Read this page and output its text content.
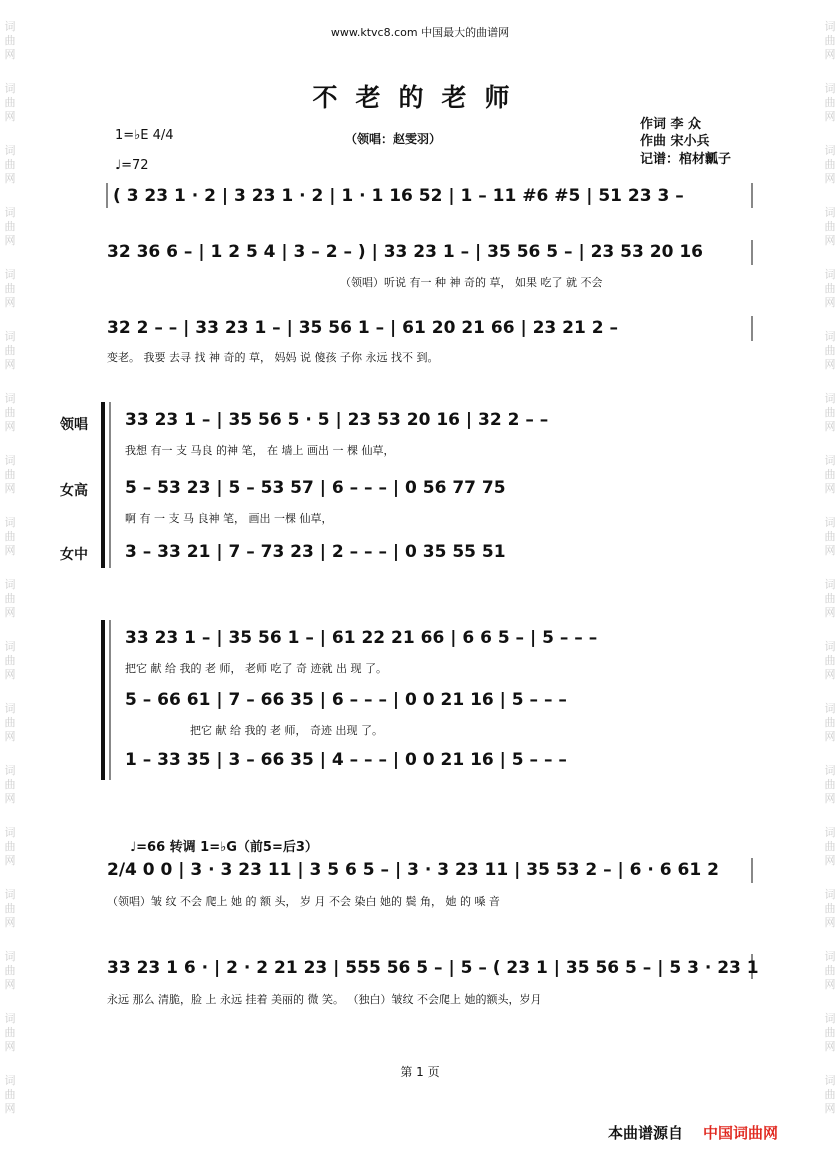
词
曲
网
词
曲
网
词
曲
网
词
曲
网
词
曲
网
词
曲
网
词
曲
网
词
曲
网
词
曲
网
词
曲
网
词
曲
网
词
曲
网
词
曲
网
词
曲
网
词
曲
网
词
曲
网
词
曲
网
词
曲
网
词
曲
网
词
曲
网
词
曲
网
词
曲
网
词
曲
网
词
曲
网
词
曲
网
词
曲
网
词
曲
网
词
曲
网
词
曲
网
词
曲
网
词
曲
网
词
曲
网
词
曲
网
词
曲
网
词
曲
网
词
曲
网
www.ktvc8.com 中国最大的曲谱网
不老的老师
（领唱：赵雯羽）
作词 李 众
作曲 宋小兵
记谱：棺材瓤子
1=♭E 4/4
♩=72
领唱
女高
女中
( 3 23 1 · 2 | 3 23 1 · 2 | 1 · 1 16 52 | 1 – 11 #6 #5 | 51 23 3 –
32 36 6 – | 1 2 5 4 | 3 – 2 – ) | 33 23 1 – | 35 56 5 – | 23 53 20 16
（领唱）听说 有一 种 神 奇的 草， 如果 吃了 就 不会
32 2 – – | 33 23 1 – | 35 56 1 – | 61 20 21 66 | 23 21 2 –
变老。 我要 去寻 找 神 奇的 草， 妈妈 说 傻孩 子你 永远 找不 到。
33 23 1 – | 35 56 5 · 5 | 23 53 20 16 | 32 2 – –
我想 有一 支 马良 的神 笔， 在 墙上 画出 一 棵 仙草，
5 – 53 23 | 5 – 53 57 | 6 – – – | 0 56 77 75
啊 有 一 支 马 良神 笔， 画出 一棵 仙草，
3 – 33 21 | 7 – 73 23 | 2 – – – | 0 35 55 51
33 23 1 – | 35 56 1 – | 61 22 21 66 | 6 6 5 – | 5 – – –
把它 献 给 我的 老 师， 老师 吃了 奇 迹就 出 现 了。
5 – 66 61 | 7 – 66 35 | 6 – – – | 0 0 21 16 | 5 – – –
把它 献 给 我的 老 师， 奇迹 出现 了。
1 – 33 35 | 3 – 66 35 | 4 – – – | 0 0 21 16 | 5 – – –
♩=66 转调 1=♭G（前5=后3）
2/4 0 0 | 3 · 3 23 11 | 3 5 6 5 – | 3 · 3 23 11 | 35 53 2 – | 6 · 6 61 2
（领唱）皱 纹 不会 爬上 她 的 额 头， 岁 月 不会 染白 她的 鬓 角， 她 的 嗓 音
33 23 1 6 · | 2 · 2 21 23 | 555 56 5 – | 5 – ( 23 1 | 35 56 5 – | 5 3 · 23 1
永远 那么 清脆，脸 上 永远 挂着 美丽的 微 笑。 （独白）皱纹 不会爬上 她的额头，岁月
第 1 页
本曲谱源自 中国词曲网
